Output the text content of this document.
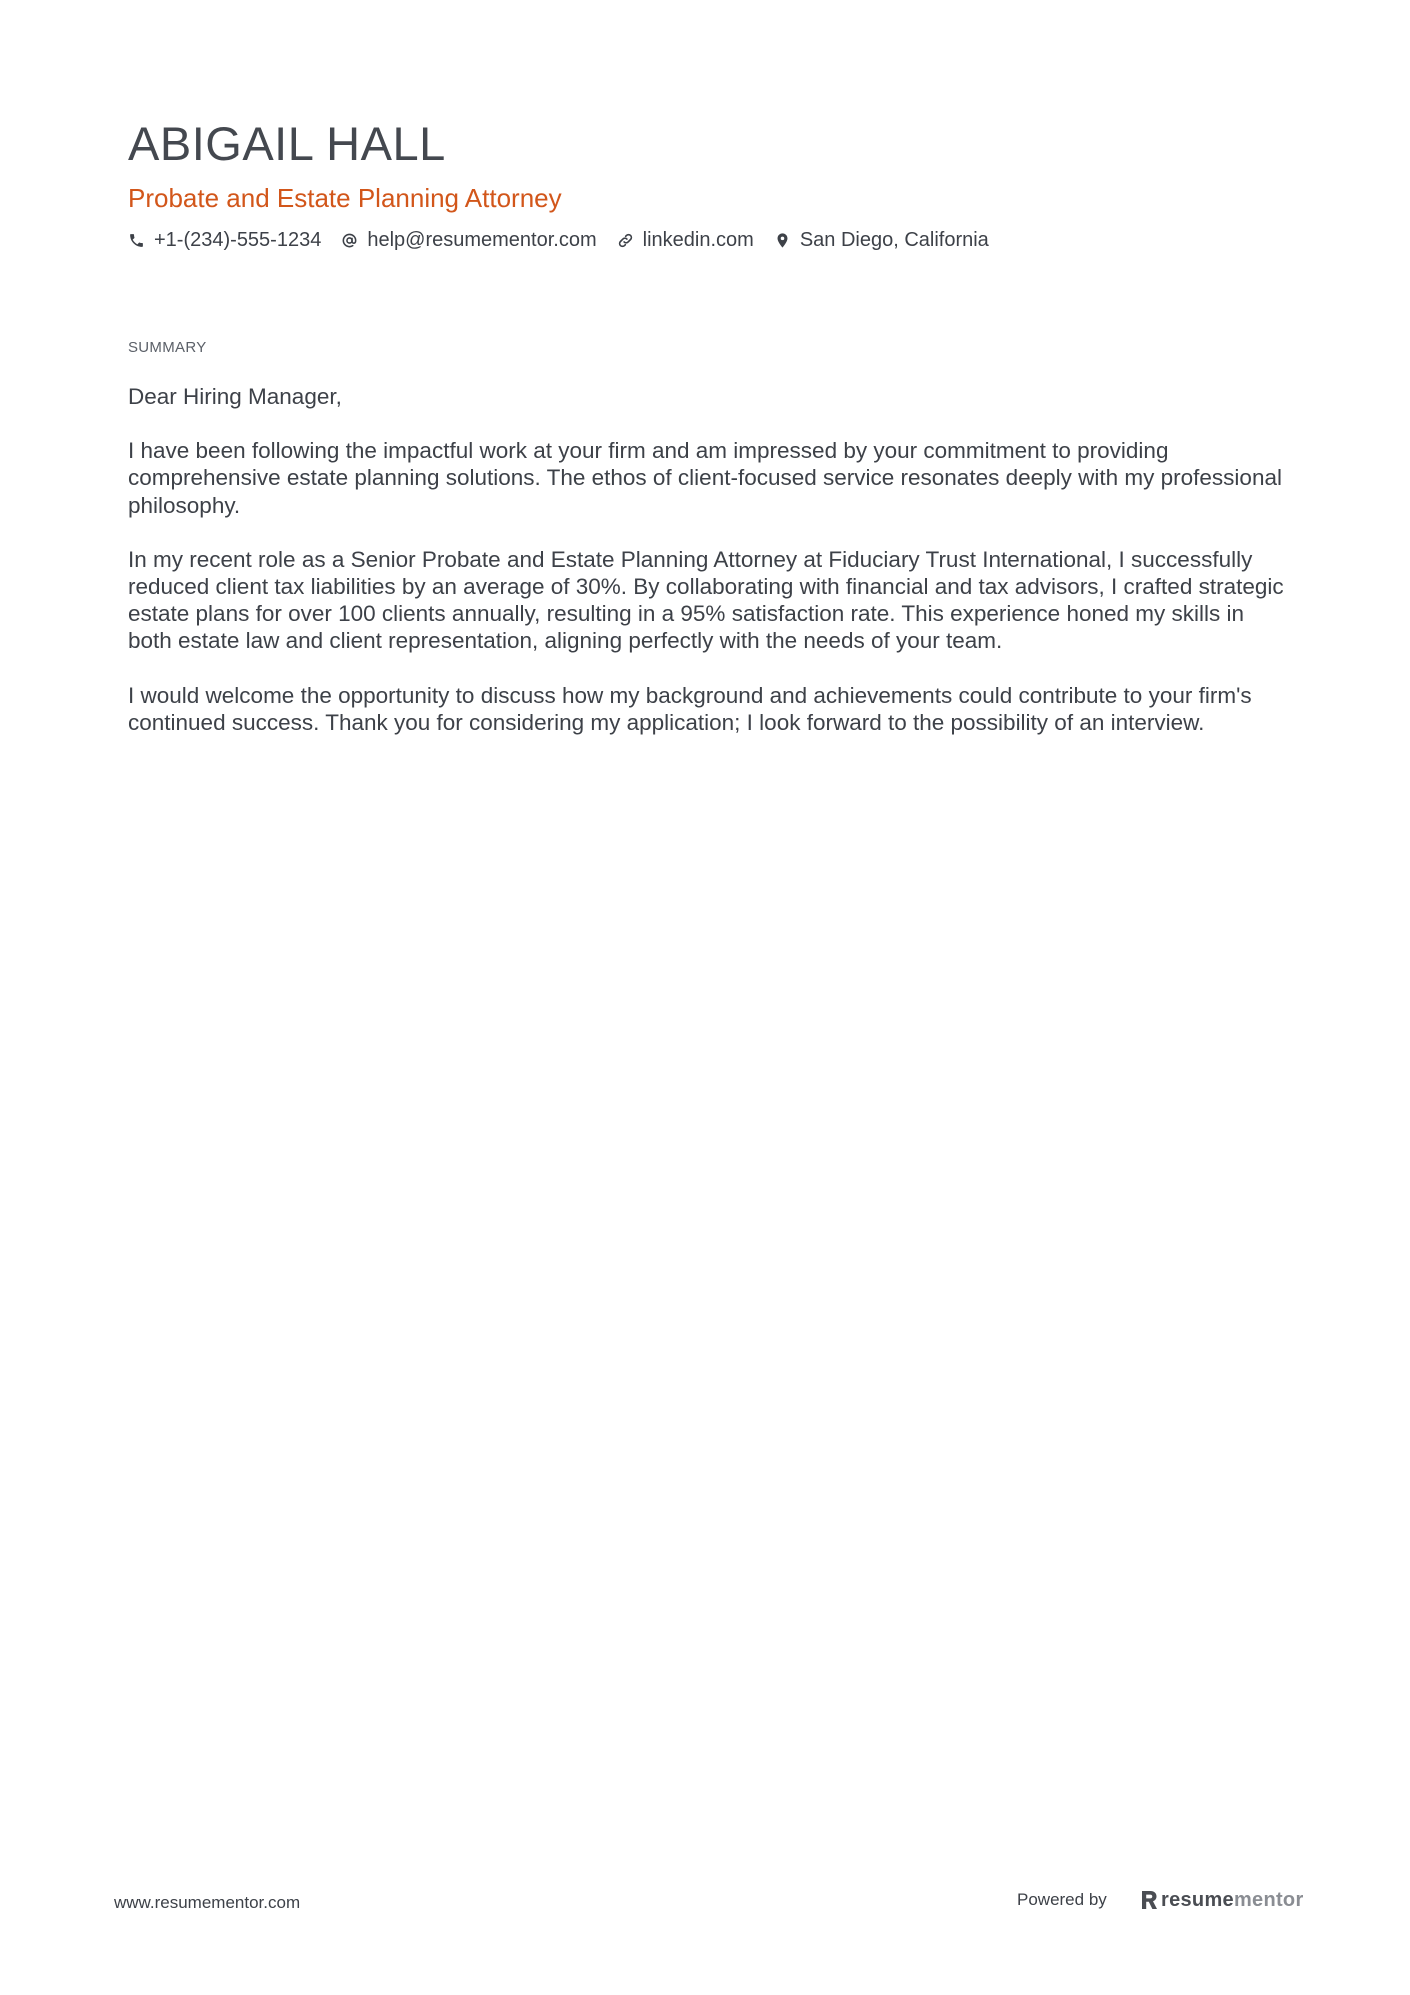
ABIGAIL HALL
Probate and Estate Planning Attorney
+1-(234)-555-1234 help@resumementor.com linkedin.com San Diego, California
SUMMARY

Dear Hiring Manager,

I have been following the impactful work at your firm and am impressed by your commitment to providing comprehensive estate planning solutions. The ethos of client-focused service resonates deeply with my professional philosophy.

In my recent role as a Senior Probate and Estate Planning Attorney at Fiduciary Trust International, I successfully reduced client tax liabilities by an average of 30%. By collaborating with financial and tax advisors, I crafted strategic estate plans for over 100 clients annually, resulting in a 95% satisfaction rate. This experience honed my skills in both estate law and client representation, aligning perfectly with the needs of your team.

I would welcome the opportunity to discuss how my background and achievements could contribute to your firm's continued success. Thank you for considering my application; I look forward to the possibility of an interview.

www.resumementor.com	Powered by	resume mentor
